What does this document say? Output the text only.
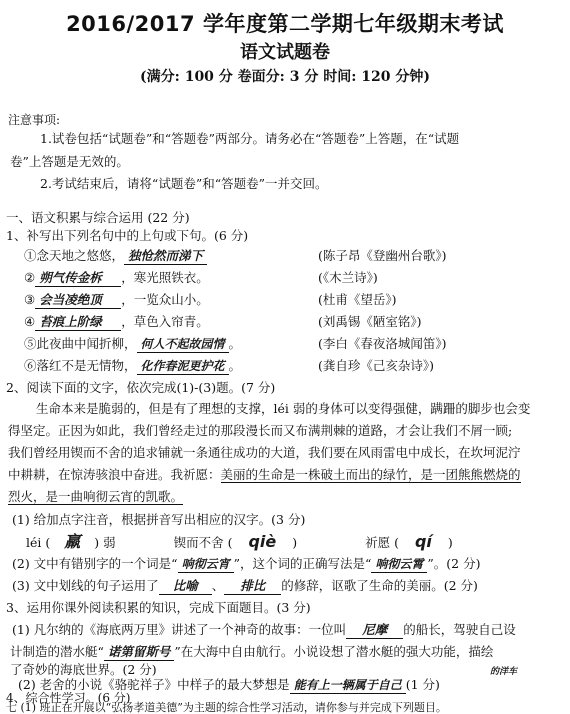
2016/2017 学年度第二学期七年级期末考试
语文试题卷
(满分: 100 分 卷面分: 3 分 时间: 120 分钟)
注意事项:
1.试卷包括“试题卷”和“答题卷”两部分。请务必在“答题卷”上答题，在“试题
卷”上答题是无效的。
2.考试结束后，请将“试题卷”和“答题卷”一并交回。
一、语文积累与综合运用 (22 分)
1、补写出下列名句中的上句或下句。(6 分)
①念天地之悠悠， 独怆然而涕下	(陈子昂《登幽州台歌》)
② 朔气传金柝 ，寒光照铁衣。	(《木兰诗》)
③ 会当凌绝顶 ，一览众山小。	(杜甫《望岳》)
④ 苔痕上阶绿 ，草色入帘青。	(刘禹锡《陋室铭》)
⑤此夜曲中闻折柳， 何人不起故园情 。	(李白《春夜洛城闻笛》)
⑥落红不是无情物， 化作春泥更护花 。	(龚自珍《己亥杂诗》)
2、阅读下面的文字，依次完成(1)-(3)题。(7 分)
生命本来是脆弱的，但是有了理想的支撑，léi 弱的身体可以变得强健，蹒跚的脚步也会变
得坚定。正因为如此，我们曾经走过的那段漫长而又布满荆棘的道路，才会让我们不屑一顾;
我们曾经用锲而不舍的追求铺就一条通往成功的大道，我们要在风雨雷电中成长，在坎坷泥泞
中耕耕，在惊涛骇浪中奋进。我祈愿：美丽的生命是一株破土而出的绿竹，是一团熊熊燃烧的
烈火，是一曲响彻云宵的凯歌。
(1) 给加点字注音，根据拼音写出相应的汉字。(3 分)
léi ( 羸 ) 弱	锲而不舍 ( qiè )	祈愿 ( qí )
(2) 文中有错别字的一个词是“ 响彻云宵 ”，这个词的正确写法是“ 响彻云霄 ”。(2 分)
(3) 文中划线的句子运用了 比喻 、 排比 的修辞，讴歌了生命的美丽。(2 分)
3、运用你课外阅读积累的知识，完成下面题目。(3 分)
(1) 凡尔纳的《海底两万里》讲述了一个神奇的故事：一位叫 尼摩 的船长，驾驶自己设
计制造的潜水艇“ 诺第留斯号 ”在大海中自由航行。小说设想了潜水艇的强大功能，描绘
了奇妙的海底世界。(2 分)	的洋车
(2) 老舍的小说《骆驼祥子》中样子的最大梦想是 能有上一辆属于自己 (1 分)
4、综合性学习。(6 分)
七 (1) 班正在开展以“弘扬孝道美德”为主题的综合性学习活动，请你参与并完成下列题目。
